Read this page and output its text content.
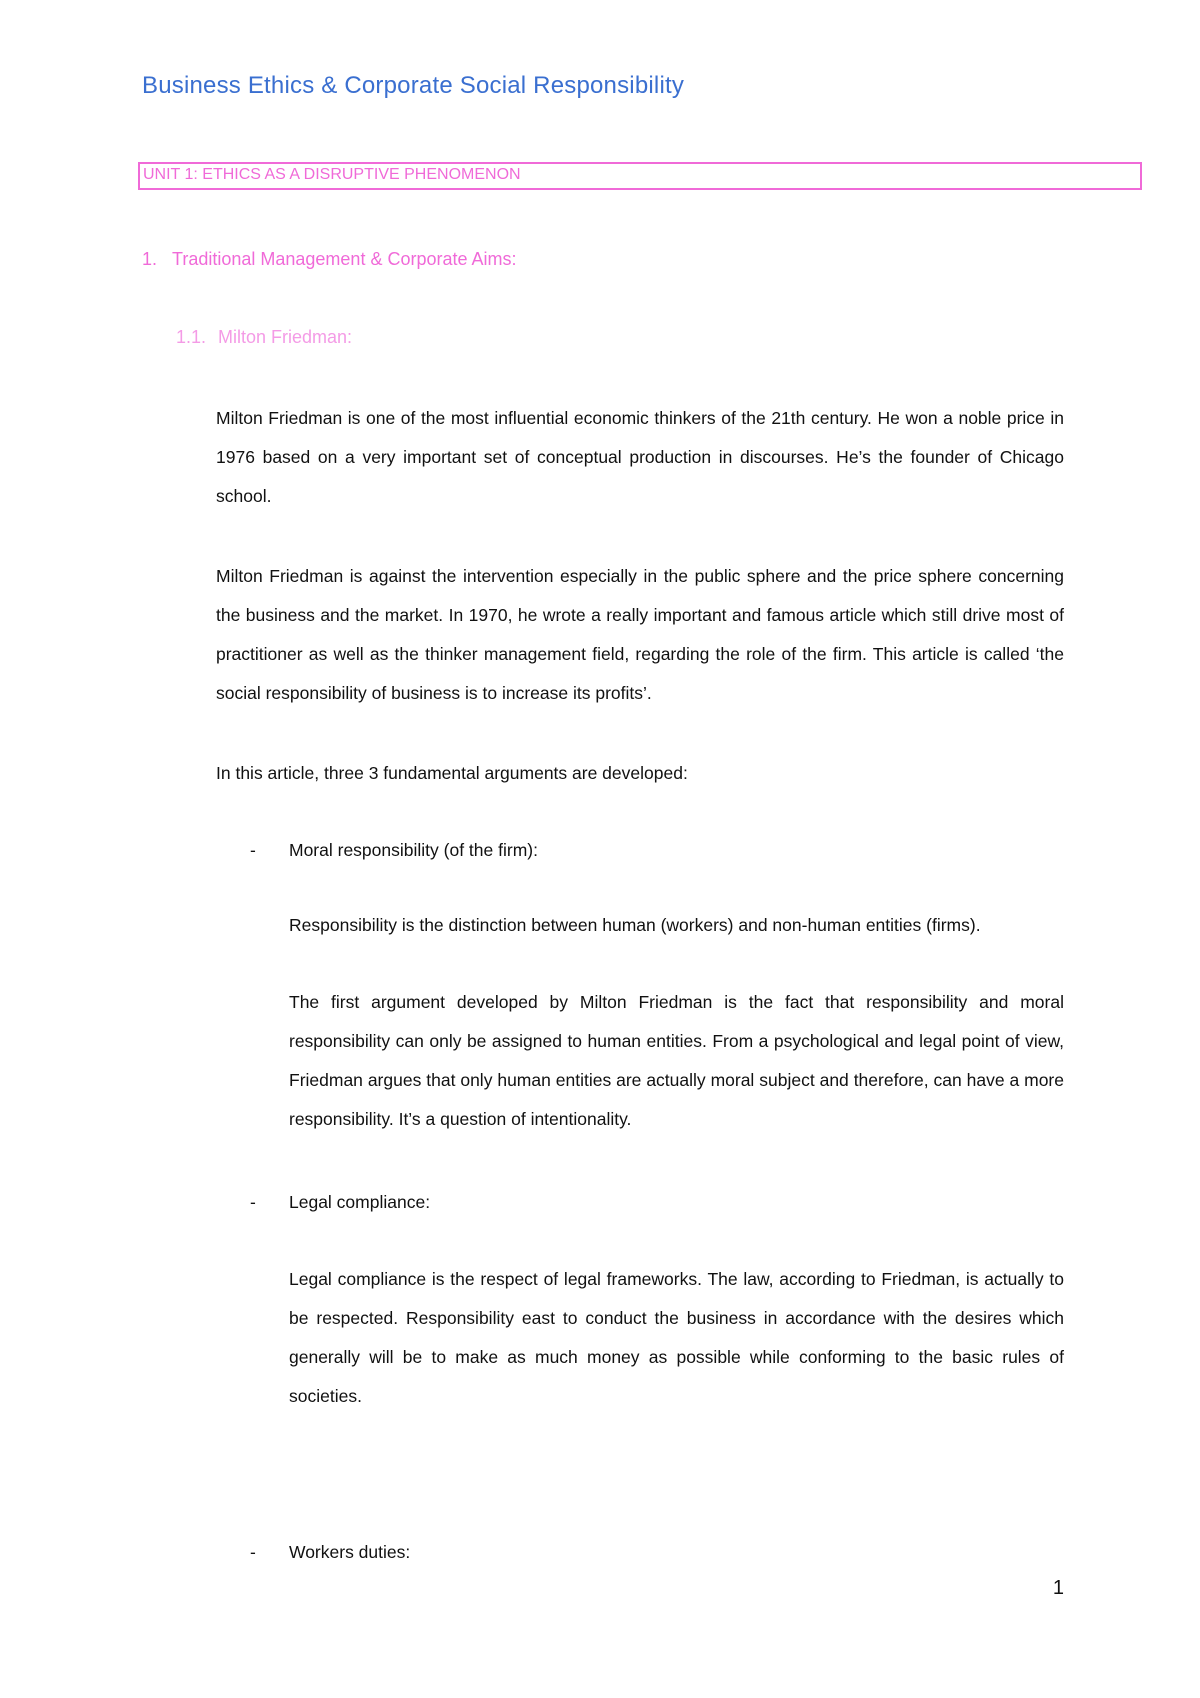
Business Ethics & Corporate Social Responsibility
UNIT 1: ETHICS AS A DISRUPTIVE PHENOMENON
1. Traditional Management & Corporate Aims:
1.1. Milton Friedman:

Milton Friedman is one of the most influential economic thinkers of the 21th century. He won a noble price in 1976 based on a very important set of conceptual production in discourses. He’s the founder of Chicago school.

Milton Friedman is against the intervention especially in the public sphere and the price sphere concerning the business and the market. In 1970, he wrote a really important and famous article which still drive most of practitioner as well as the thinker management field, regarding the role of the firm. This article is called ‘the social responsibility of business is to increase its profits’.

In this article, three 3 fundamental arguments are developed:

- Moral responsibility (of the firm):

Responsibility is the distinction between human (workers) and non-human entities (firms).

The first argument developed by Milton Friedman is the fact that responsibility and moral responsibility can only be assigned to human entities. From a psychological and legal point of view, Friedman argues that only human entities are actually moral subject and therefore, can have a more responsibility. It’s a question of intentionality.

- Legal compliance:

Legal compliance is the respect of legal frameworks. The law, according to Friedman, is actually to be respected. Responsibility east to conduct the business in accordance with the desires which generally will be to make as much money as possible while conforming to the basic rules of societies.

- Workers duties:
1
